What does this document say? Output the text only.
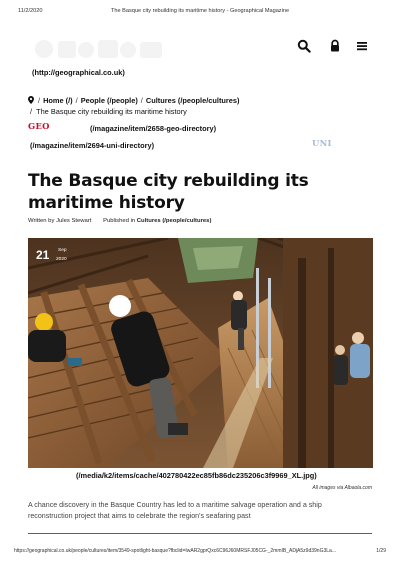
11/2/2020	The Basque city rebuilding its maritime history - Geographical Magazine
(http://geographical.co.uk)
/ Home (/) / People (/people) / Cultures (/people/cultures)
/ The Basque city rebuilding its maritime history
GEO	(/magazine/item/2658-geo-directory)
(/magazine/item/2694-uni-directory)	UNI
The Basque city rebuilding its maritime history
Written by Jules Stewart Published in Cultures (/people/cultures)
21 Sep
2020
(/media/k2/items/cache/402780422ec85fb86dc235206c3f9969_XL.jpg)
All images via Albaola.com

A chance discovery in the Basque Country has led to a maritime salvage operation and a ship reconstruction project that aims to celebrate the region's seafaring past

https://geographical.co.uk/people/cultures/item/3549-spotlight-basque?fbclid=IwAR2gprQxc6C96J60MRSFJ05CG-_2mmIB_ADjA5z9d39nG3La...	1/29
